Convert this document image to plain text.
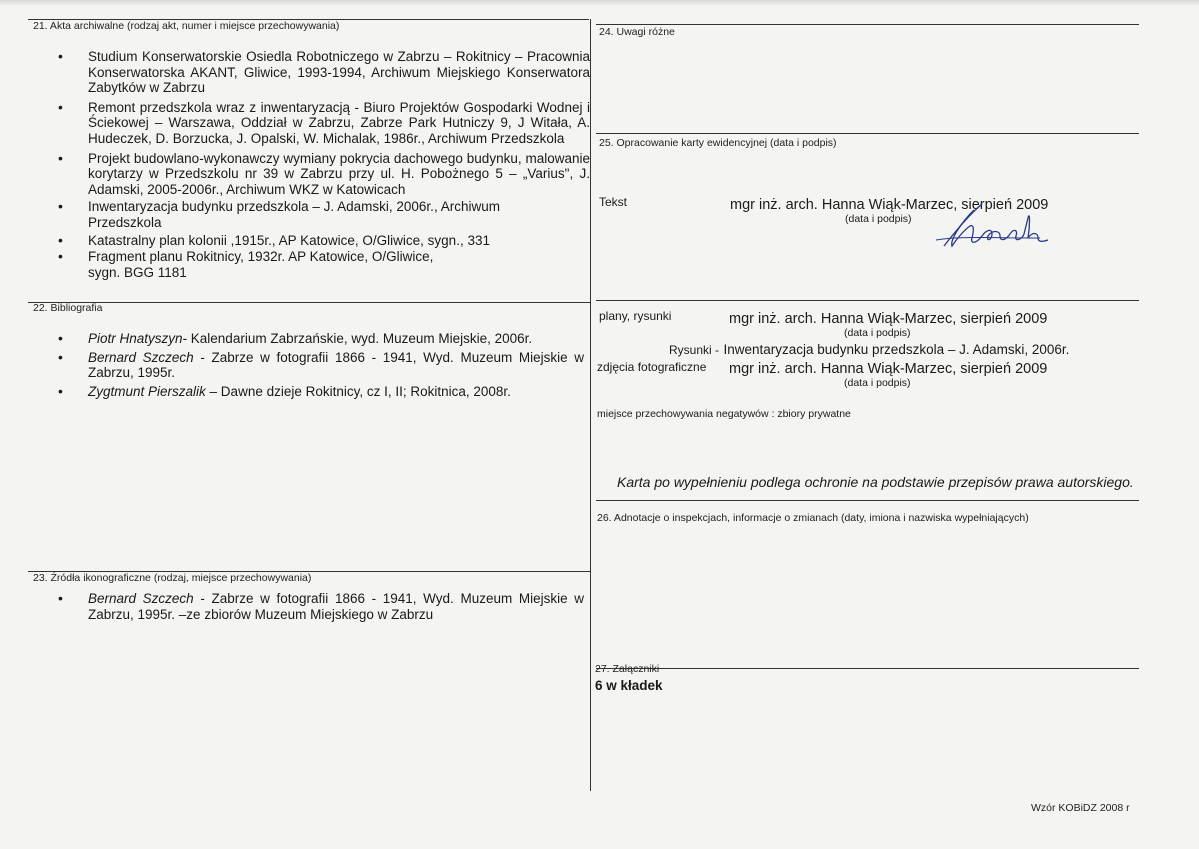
21. Akta archiwalne (rodzaj akt, numer i miejsce przechowywania)
• Studium Konserwatorskie Osiedla Robotniczego w Zabrzu – Rokitnicy – Pracownia Konserwatorska AKANT, Gliwice, 1993-1994, Archiwum Miejskiego Konserwatora Zabytków w Zabrzu
• Remont przedszkola wraz z inwentaryzacją - Biuro Projektów Gospodarki Wodnej i Ściekowej – Warszawa, Oddział w Zabrzu, Zabrze Park Hutniczy 9, J Witała, A. Hudeczek, D. Borzucka, J. Opalski, W. Michalak, 1986r., Archiwum Przedszkola
• Projekt budowlano-wykonawczy wymiany pokrycia dachowego budynku, malowanie korytarzy w Przedszkolu nr 39 w Zabrzu przy ul. H. Pobożnego 5 – „Varius", J. Adamski, 2005-2006r., Archiwum WKZ w Katowicach
• Inwentaryzacja budynku przedszkola – J. Adamski, 2006r., Archiwum Przedszkola
• Katastralny plan kolonii ,1915r., AP Katowice, O/Gliwice, sygn., 331
• Fragment planu Rokitnicy, 1932r. AP Katowice, O/Gliwice, sygn. BGG 1181
22. Bibliografia
• Piotr Hnatyszyn- Kalendarium Zabrzańskie, wyd. Muzeum Miejskie, 2006r.
• Bernard Szczech - Zabrze w fotografii 1866 - 1941, Wyd. Muzeum Miejskie w Zabrzu, 1995r.
• Zygtmunt Pierszalik – Dawne dzieje Rokitnicy, cz I, II; Rokitnica, 2008r.
23. Źródła ikonograficzne (rodzaj, miejsce przechowywania)
• Bernard Szczech - Zabrze w fotografii 1866 - 1941, Wyd. Muzeum Miejskie w Zabrzu, 1995r. –ze zbiorów Muzeum Miejskiego w Zabrzu
24. Uwagi różne
25. Opracowanie karty ewidencyjnej (data i podpis)
Tekst	mgr inż. arch. Hanna Wiąk-Marzec, sierpień 2009
(data i podpis)
plany, rysunki	mgr inż. arch. Hanna Wiąk-Marzec, sierpień 2009
(data i podpis)
Rysunki - Inwentaryzacja budynku przedszkola – J. Adamski, 2006r.
zdjęcia fotograficzne mgr inż. arch. Hanna Wiąk-Marzec, sierpień 2009
(data i podpis)
miejsce przechowywania negatywów : zbiory prywatne
Karta po wypełnieniu podlega ochronie na podstawie przepisów prawa autorskiego.
26. Adnotacje o inspekcjach, informacje o zmianach (daty, imiona i nazwiska wypełniających)
27. Załączniki
6 w kładek
Wzór KOBiDZ 2008 r
